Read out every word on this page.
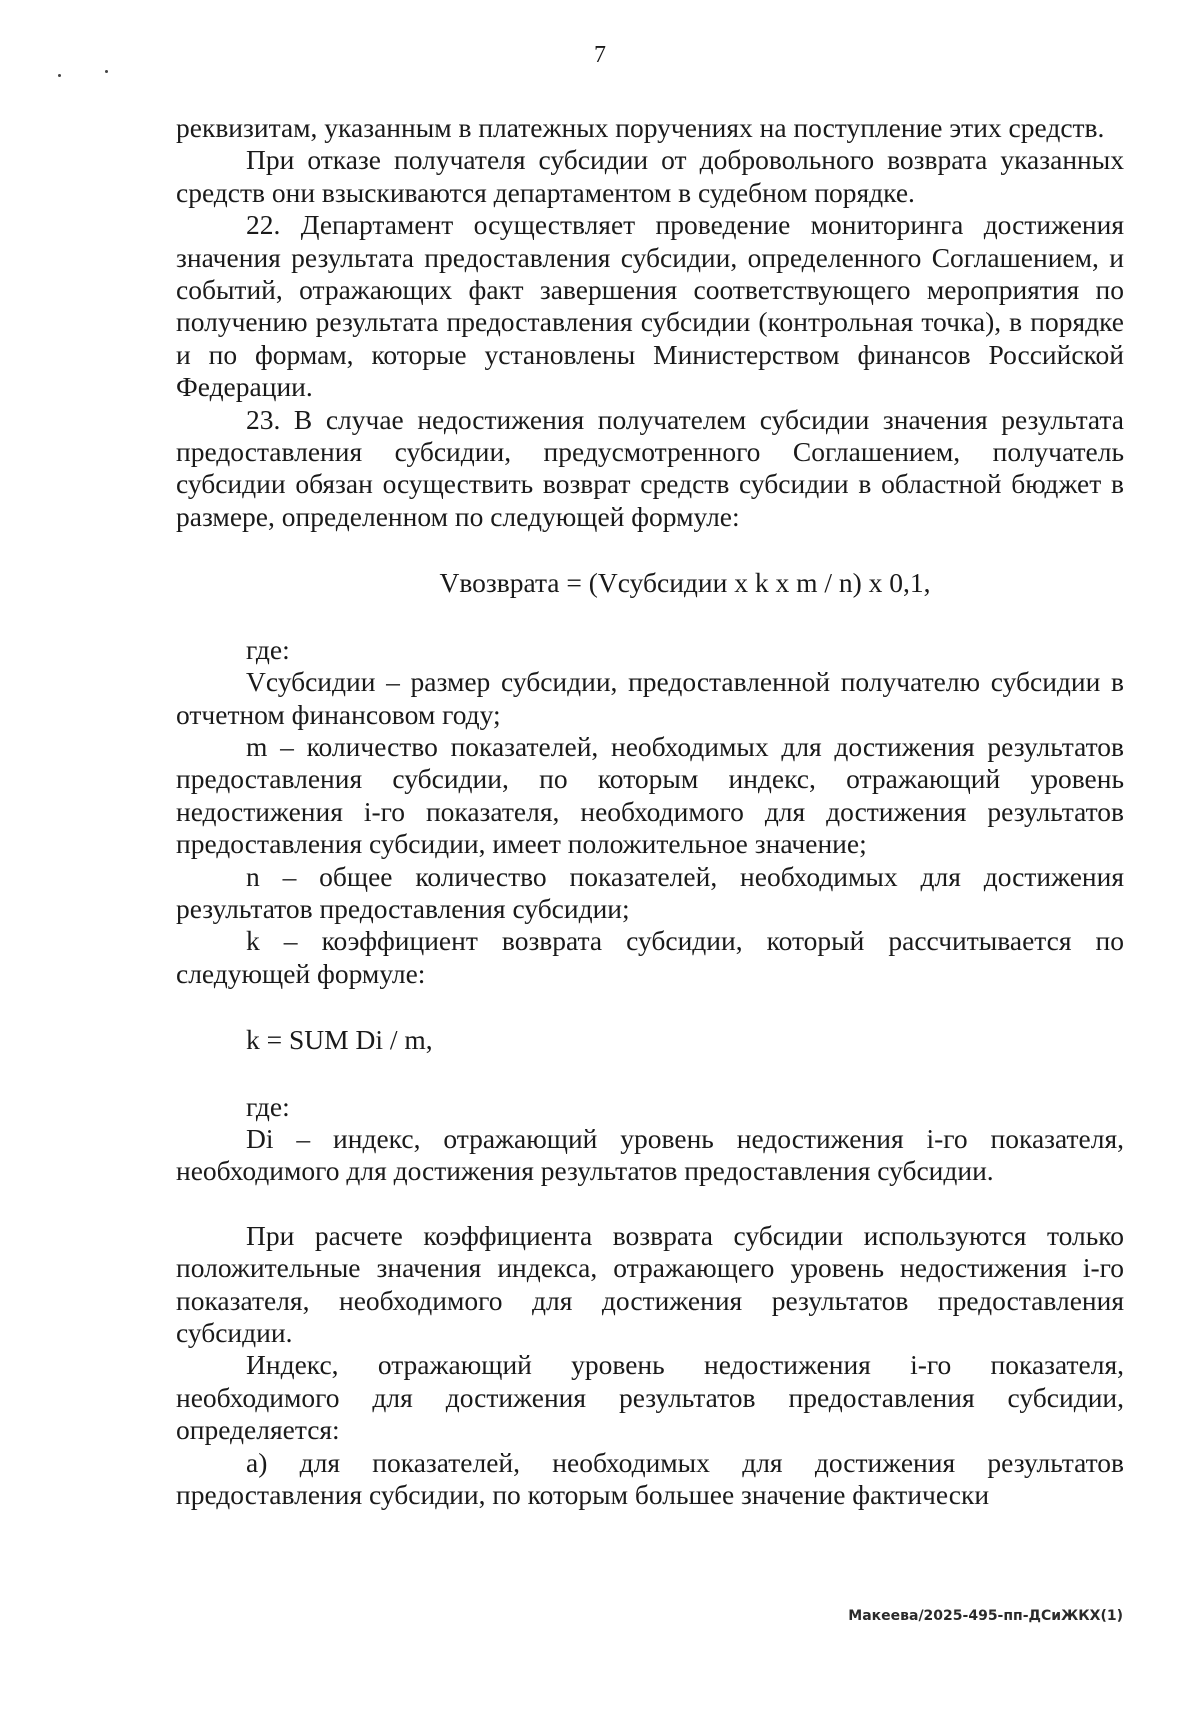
7

реквизитам, указанным в платежных поручениях на поступление этих средств.

При отказе получателя субсидии от добровольного возврата указанных средств они взыскиваются департаментом в судебном порядке.

22. Департамент осуществляет проведение мониторинга достижения значения результата предоставления субсидии, определенного Соглашением, и событий, отражающих факт завершения соответствующего мероприятия по получению результата предоставления субсидии (контрольная точка), в порядке и по формам, которые установлены Министерством финансов Российской Федерации.

23. В случае недостижения получателем субсидии значения результата предоставления субсидии, предусмотренного Соглашением, получатель субсидии обязан осуществить возврат средств субсидии в областной бюджет в размере, определенном по следующей формуле:

Vвозврата = (Vсубсидии x k x m / n) x 0,1,

где:

Vсубсидии – размер субсидии, предоставленной получателю субсидии в отчетном финансовом году;

m – количество показателей, необходимых для достижения результатов предоставления субсидии, по которым индекс, отражающий уровень недостижения i-го показателя, необходимого для достижения результатов предоставления субсидии, имеет положительное значение;

n – общее количество показателей, необходимых для достижения результатов предоставления субсидии;

k – коэффициент возврата субсидии, который рассчитывается по следующей формуле:

k = SUM Di / m,

где:

Di – индекс, отражающий уровень недостижения i-го показателя, необходимого для достижения результатов предоставления субсидии.

При расчете коэффициента возврата субсидии используются только положительные значения индекса, отражающего уровень недостижения i-го показателя, необходимого для достижения результатов предоставления субсидии.

Индекс, отражающий уровень недостижения i-го показателя, необходимого для достижения результатов предоставления субсидии, определяется:

а) для показателей, необходимых для достижения результатов предоставления субсидии, по которым большее значение фактически

Макеева/2025-495-пп-ДСиЖКХ(1)
